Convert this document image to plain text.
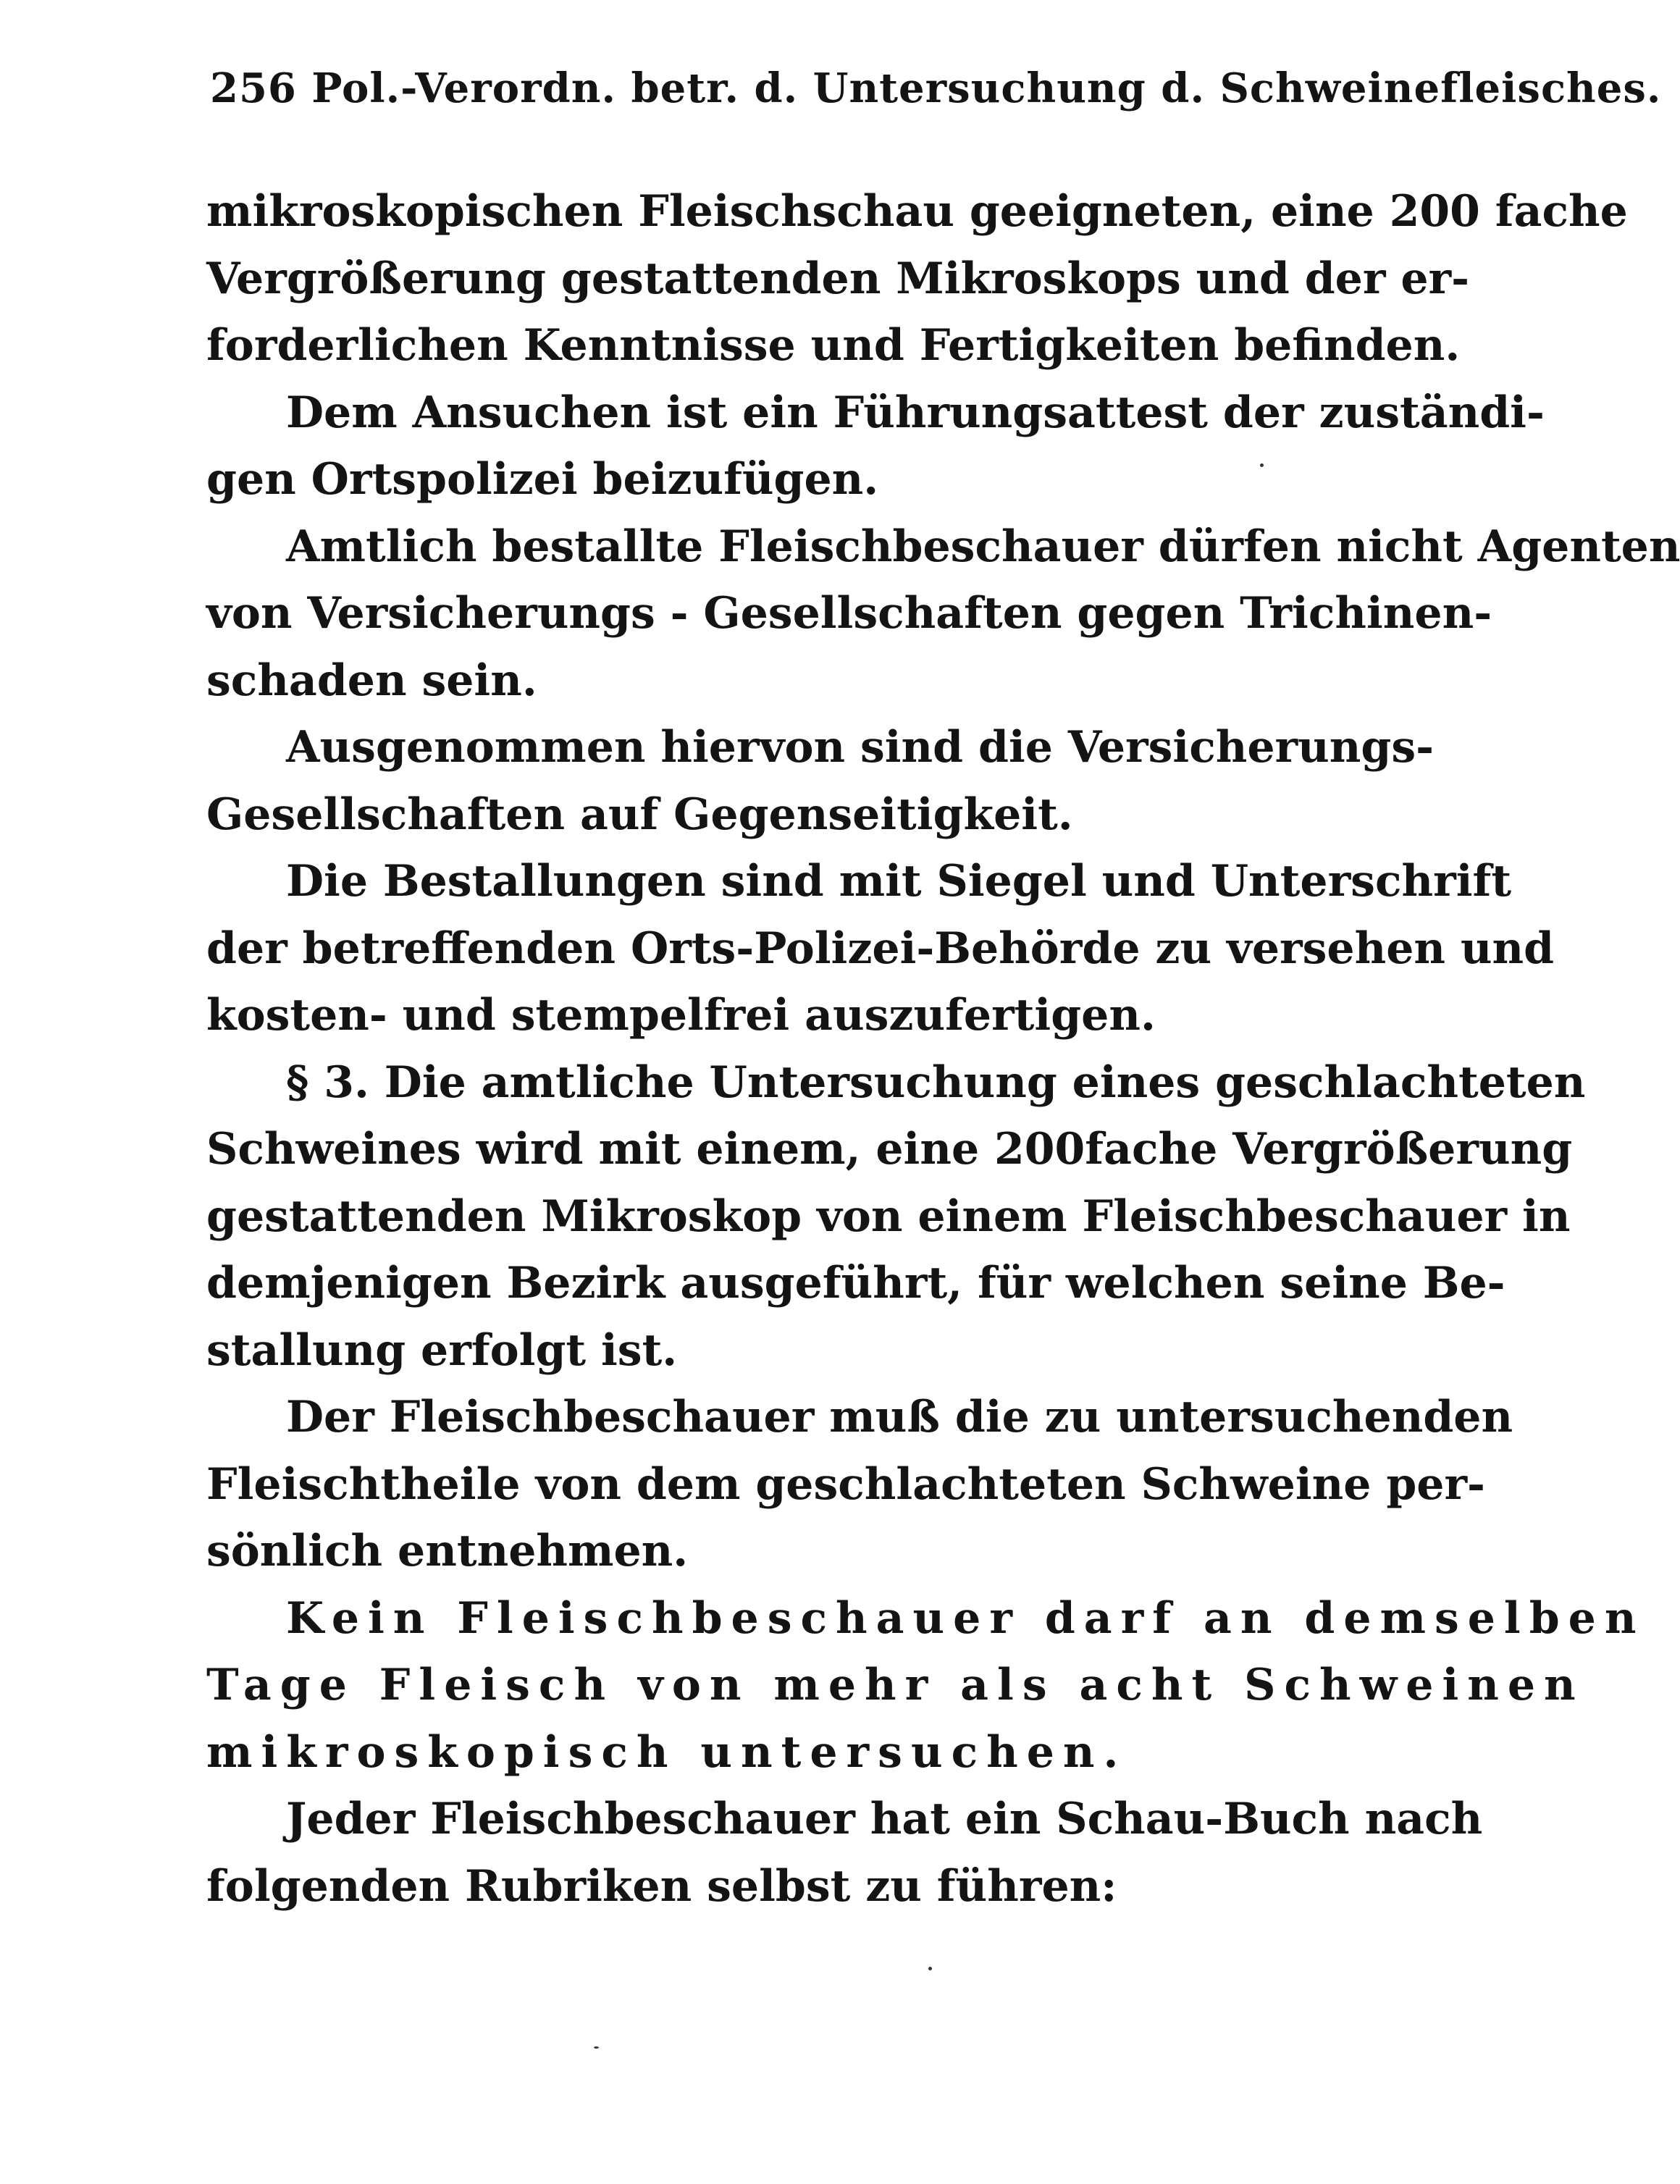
256 Pol.-Verordn. betr. d. Untersuchung d. Schweinefleisches.
mikroskopischen Fleischschau geeigneten, eine 200 fache
Vergrößerung gestattenden Mikroskops und der er-
forderlichen Kenntnisse und Fertigkeiten befinden.
Dem Ansuchen ist ein Führungsattest der zuständi-
gen Ortspolizei beizufügen.
Amtlich bestallte Fleischbeschauer dürfen nicht Agenten
von Versicherungs - Gesellschaften gegen Trichinen-
schaden sein.
Ausgenommen hiervon sind die Versicherungs-
Gesellschaften auf Gegenseitigkeit.
Die Bestallungen sind mit Siegel und Unterschrift
der betreffenden Orts-Polizei-Behörde zu versehen und
kosten- und stempelfrei auszufertigen.
§ 3. Die amtliche Untersuchung eines geschlachteten
Schweines wird mit einem, eine 200fache Vergrößerung
gestattenden Mikroskop von einem Fleischbeschauer in
demjenigen Bezirk ausgeführt, für welchen seine Be-
stallung erfolgt ist.
Der Fleischbeschauer muß die zu untersuchenden
Fleischtheile von dem geschlachteten Schweine per-
sönlich entnehmen.
Kein Fleischbeschauer darf an demselben
Tage Fleisch von mehr als acht Schweinen
mikroskopisch untersuchen.
Jeder Fleischbeschauer hat ein Schau-Buch nach
folgenden Rubriken selbst zu führen:
